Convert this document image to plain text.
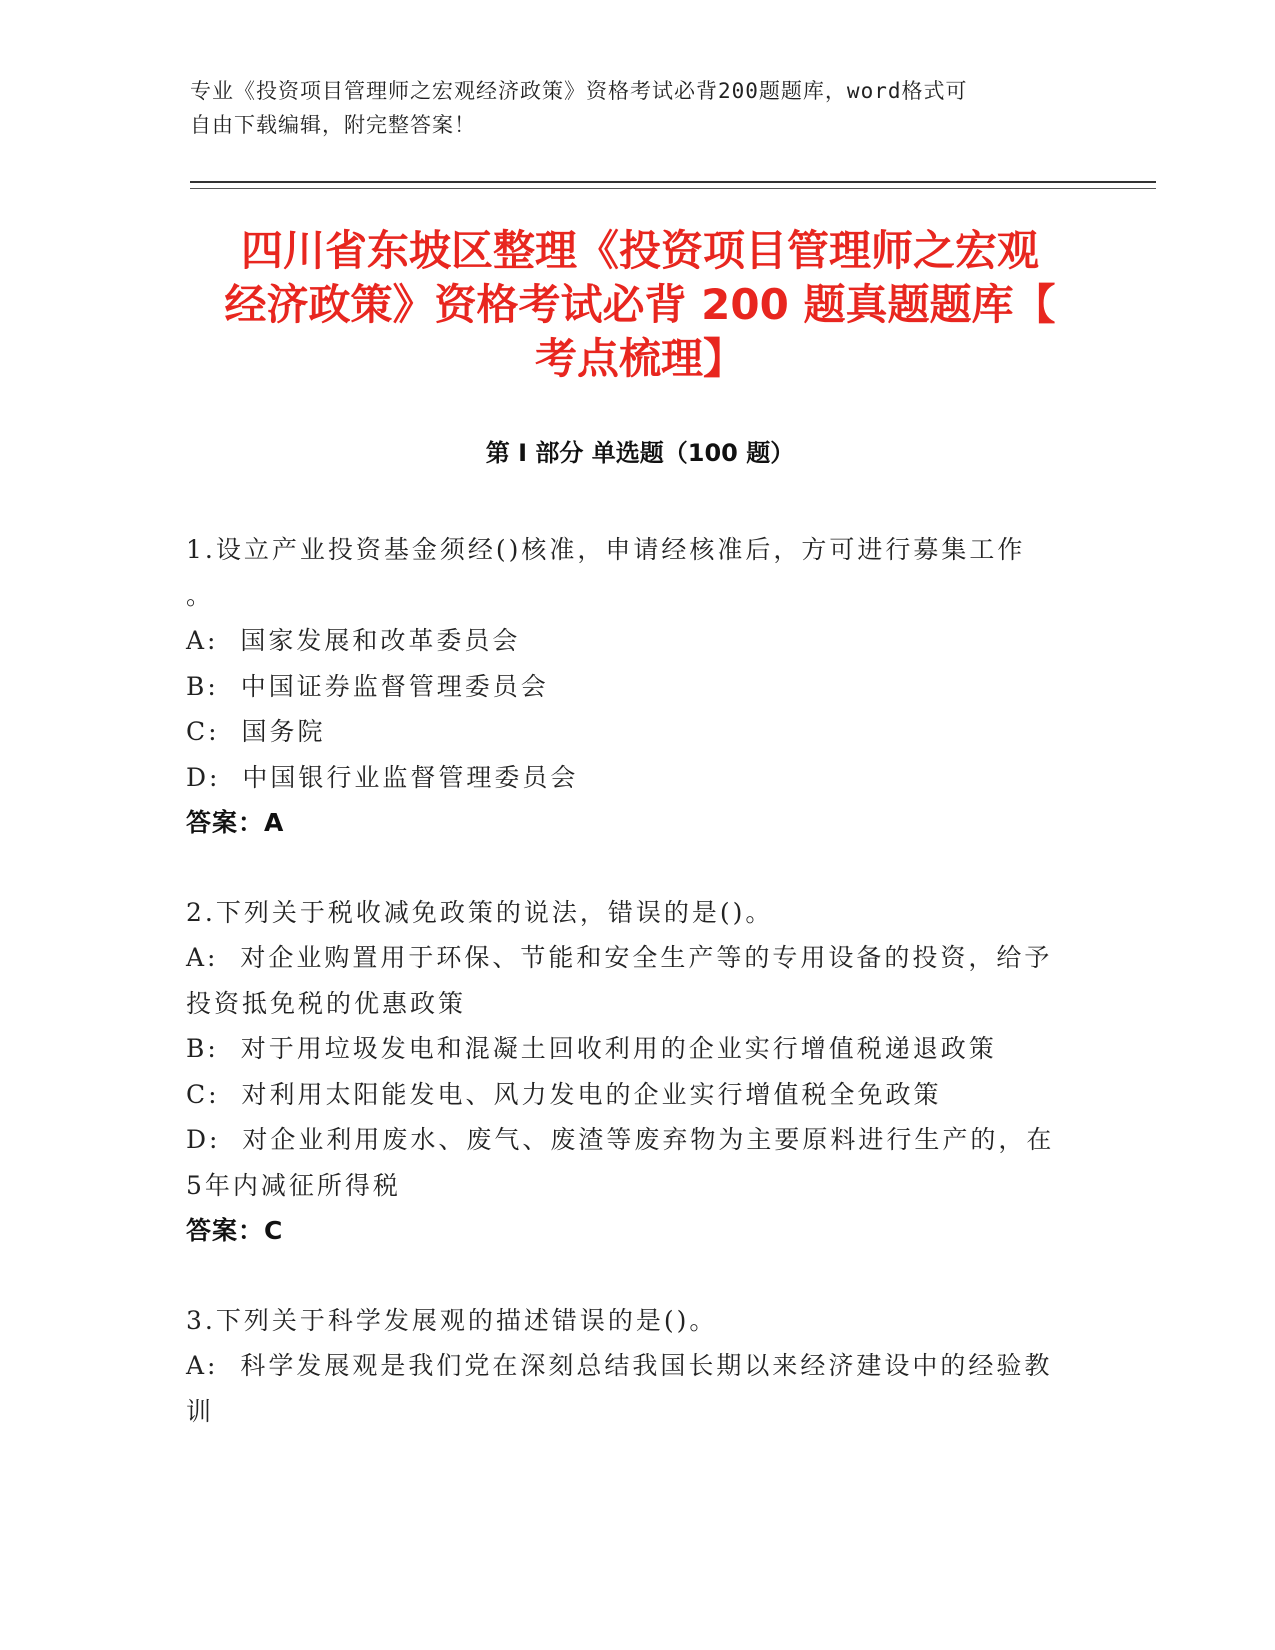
专业《投资项目管理师之宏观经济政策》资格考试必背200题题库，word格式可
自由下载编辑，附完整答案！
四川省东坡区整理《投资项目管理师之宏观
经济政策》资格考试必背 200 题真题题库【
考点梳理】
第 I 部分 单选题（100 题）
1.设立产业投资基金须经()核准，申请经核准后，方可进行募集工作
。
A:  国家发展和改革委员会
B:  中国证券监督管理委员会
C:  国务院
D:  中国银行业监督管理委员会
答案：A
2.下列关于税收减免政策的说法，错误的是()。
A:  对企业购置用于环保、节能和安全生产等的专用设备的投资，给予
投资抵免税的优惠政策
B:  对于用垃圾发电和混凝土回收利用的企业实行增值税递退政策
C:  对利用太阳能发电、风力发电的企业实行增值税全免政策
D:  对企业利用废水、废气、废渣等废弃物为主要原料进行生产的，在
5年内减征所得税
答案：C
3.下列关于科学发展观的描述错误的是()。
A:  科学发展观是我们党在深刻总结我国长期以来经济建设中的经验教
训
